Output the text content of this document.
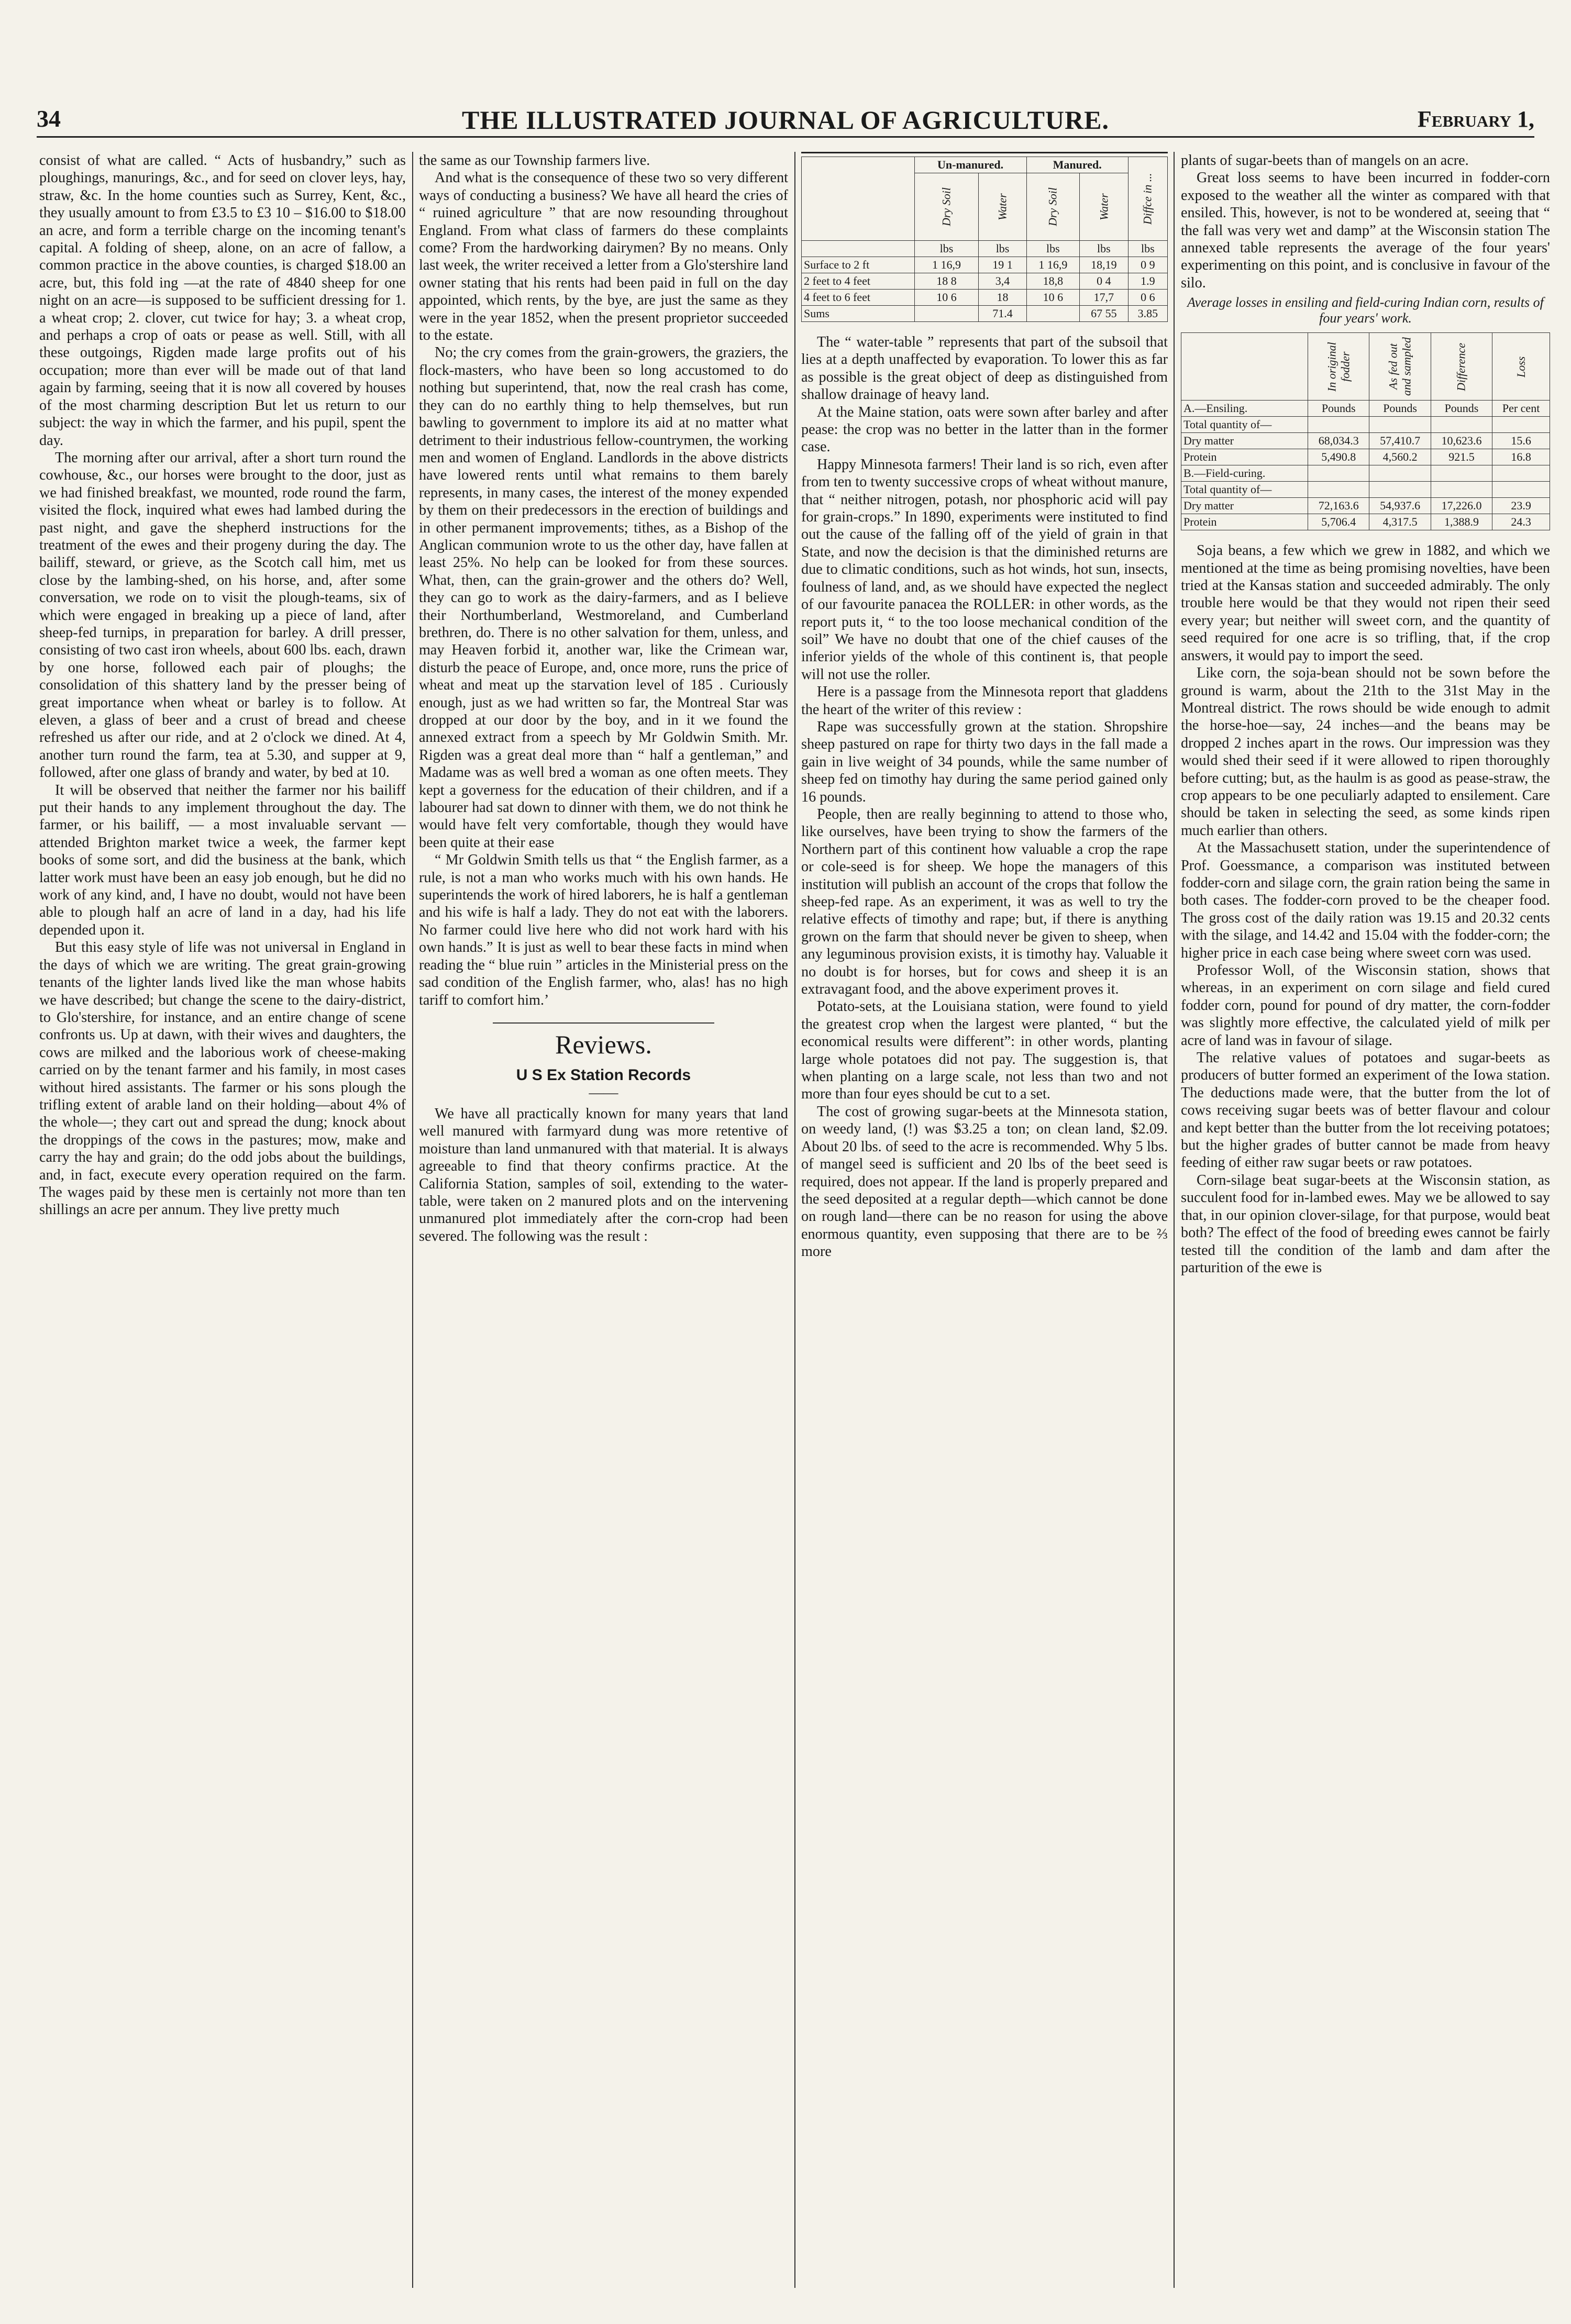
34	THE ILLUSTRATED JOURNAL OF AGRICULTURE.	February 1,

consist of what are called. “ Acts of husbandry,” such as ploughings, manurings, &c., and for seed on clover leys, hay, straw, &c. In the home counties such as Surrey, Kent, &c., they usually amount to from £3.5 to £3 10 – $16.00 to $18.00 an acre, and form a terrible charge on the incoming tenant's capital. A folding of sheep, alone, on an acre of fallow, a common practice in the above counties, is charged $18.00 an acre, but, this fold ing —at the rate of 4840 sheep for one night on an acre—is supposed to be sufficient dressing for 1. a wheat crop; 2. clover, cut twice for hay; 3. a wheat crop, and perhaps a crop of oats or pease as well. Still, with all these outgoings, Rigden made large profits out of his occupation; more than ever will be made out of that land again by farming, seeing that it is now all covered by houses of the most charming description But let us return to our subject: the way in which the farmer, and his pupil, spent the day.

The morning after our arrival, after a short turn round the cowhouse, &c., our horses were brought to the door, just as we had finished breakfast, we mounted, rode round the farm, visited the flock, inquired what ewes had lambed during the past night, and gave the shepherd instructions for the treatment of the ewes and their progeny during the day. The bailiff, steward, or grieve, as the Scotch call him, met us close by the lambing-shed, on his horse, and, after some conversation, we rode on to visit the plough-teams, six of which were engaged in breaking up a piece of land, after sheep-fed turnips, in preparation for barley. A drill presser, consisting of two cast iron wheels, about 600 lbs. each, drawn by one horse, followed each pair of ploughs; the consolidation of this shattery land by the presser being of great importance when wheat or barley is to follow. At eleven, a glass of beer and a crust of bread and cheese refreshed us after our ride, and at 2 o'clock we dined. At 4, another turn round the farm, tea at 5.30, and supper at 9, followed, after one glass of brandy and water, by bed at 10.

It will be observed that neither the farmer nor his bailiff put their hands to any implement throughout the day. The farmer, or his bailiff, — a most invaluable servant — attended Brighton market twice a week, the farmer kept books of some sort, and did the business at the bank, which latter work must have been an easy job enough, but he did no work of any kind, and, I have no doubt, would not have been able to plough half an acre of land in a day, had his life depended upon it.

But this easy style of life was not universal in England in the days of which we are writing. The great grain-growing tenants of the lighter lands lived like the man whose habits we have described; but change the scene to the dairy-district, to Glo'stershire, for instance, and an entire change of scene confronts us. Up at dawn, with their wives and daughters, the cows are milked and the laborious work of cheese-making carried on by the tenant farmer and his family, in most cases without hired assistants. The farmer or his sons plough the trifling extent of arable land on their holding—about 4% of the whole—; they cart out and spread the dung; knock about the droppings of the cows in the pastures; mow, make and carry the hay and grain; do the odd jobs about the buildings, and, in fact, execute every operation required on the farm. The wages paid by these men is certainly not more than ten shillings an acre per annum. They live pretty much

the same as our Township farmers live.

And what is the consequence of these two so very different ways of conducting a business? We have all heard the cries of “ ruined agriculture ” that are now resounding throughout England. From what class of farmers do these complaints come? From the hardworking dairymen? By no means. Only last week, the writer received a letter from a Glo'stershire land owner stating that his rents had been paid in full on the day appointed, which rents, by the bye, are just the same as they were in the year 1852, when the present proprietor succeeded to the estate.

No; the cry comes from the grain-growers, the graziers, the flock-masters, who have been so long accustomed to do nothing but superintend, that, now the real crash has come, they can do no earthly thing to help themselves, but run bawling to government to implore its aid at no matter what detriment to their industrious fellow-countrymen, the working men and women of England. Landlords in the above districts have lowered rents until what remains to them barely represents, in many cases, the interest of the money expended by them on their predecessors in the erection of buildings and in other permanent improvements; tithes, as a Bishop of the Anglican communion wrote to us the other day, have fallen at least 25%. No help can be looked for from these sources. What, then, can the grain-grower and the others do? Well, they can go to work as the dairy-farmers, and as I believe their Northumberland, Westmoreland, and Cumberland brethren, do. There is no other salvation for them, unless, and may Heaven forbid it, another war, like the Crimean war, disturb the peace of Europe, and, once more, runs the price of wheat and meat up the starvation level of 185 . Curiously enough, just as we had written so far, the Montreal Star was dropped at our door by the boy, and in it we found the annexed extract from a speech by Mr Goldwin Smith. Mr. Rigden was a great deal more than “ half a gentleman,” and Madame was as well bred a woman as one often meets. They kept a governess for the education of their children, and if a labourer had sat down to dinner with them, we do not think he would have felt very comfortable, though they would have been quite at their ease

“ Mr Goldwin Smith tells us that “ the English farmer, as a rule, is not a man who works much with his own hands. He superintends the work of hired laborers, he is half a gentleman and his wife is half a lady. They do not eat with the laborers. No farmer could live here who did not work hard with his own hands.” It is just as well to bear these facts in mind when reading the “ blue ruin ” articles in the Ministerial press on the sad condition of the English farmer, who, alas! has no high tariff to comfort him.’

Reviews.
U S Ex Station Records
——

We have all practically known for many years that land well manured with farmyard dung was more retentive of moisture than land unmanured with that material. It is always agreeable to find that theory confirms practice. At the California Station, samples of soil, extending to the water-table, were taken on 2 manured plots and on the intervening unmanured plot immediately after the corn-crop had been severed. The following was the result :

	Un-manured.		Manured.		Diffce in ...
	Dry Soil	Water	Dry Soil	Water	
	lbs	lbs	lbs	lbs	lbs
Surface to 2 ft	1 16,9	19 1	1 16,9	18,19	0 9
2 feet to 4 feet	18 8	3,4	18,8	0 4	1.9
4 feet to 6 feet	10 6	18	10 6	17,7	0 6
Sums		71.4		67 55	3.85

The “ water-table ” represents that part of the subsoil that lies at a depth unaffected by evaporation. To lower this as far as possible is the great object of deep as distinguished from shallow drainage of heavy land.

At the Maine station, oats were sown after barley and after pease: the crop was no better in the latter than in the former case.

Happy Minnesota farmers! Their land is so rich, even after from ten to twenty successive crops of wheat without manure, that “ neither nitrogen, potash, nor phosphoric acid will pay for grain-crops.” In 1890, experiments were instituted to find out the cause of the falling off of the yield of grain in that State, and now the decision is that the diminished returns are due to climatic conditions, such as hot winds, hot sun, insects, foulness of land, and, as we should have expected the neglect of our favourite panacea the ROLLER: in other words, as the report puts it, “ to the too loose mechanical condition of the soil” We have no doubt that one of the chief causes of the inferior yields of the whole of this continent is, that people will not use the roller.

Here is a passage from the Minnesota report that gladdens the heart of the writer of this review :

Rape was successfully grown at the station. Shropshire sheep pastured on rape for thirty two days in the fall made a gain in live weight of 34 pounds, while the same number of sheep fed on timothy hay during the same period gained only 16 pounds.

People, then are really beginning to attend to those who, like ourselves, have been trying to show the farmers of the Northern part of this continent how valuable a crop the rape or cole-seed is for sheep. We hope the managers of this institution will publish an account of the crops that follow the sheep-fed rape. As an experiment, it was as well to try the relative effects of timothy and rape; but, if there is anything grown on the farm that should never be given to sheep, when any leguminous provision exists, it is timothy hay. Valuable it no doubt is for horses, but for cows and sheep it is an extravagant food, and the above experiment proves it.

Potato-sets, at the Louisiana station, were found to yield the greatest crop when the largest were planted, “ but the economical results were different”: in other words, planting large whole potatoes did not pay. The suggestion is, that when planting on a large scale, not less than two and not more than four eyes should be cut to a set.

The cost of growing sugar-beets at the Minnesota station, on weedy land, (!) was $3.25 a ton; on clean land, $2.09. About 20 lbs. of seed to the acre is recommended. Why 5 lbs. of mangel seed is sufficient and 20 lbs of the beet seed is required, does not appear. If the land is properly prepared and the seed deposited at a regular depth—which cannot be done on rough land—there can be no reason for using the above enormous quantity, even supposing that there are to be ⅔ more

plants of sugar-beets than of mangels on an acre.

Great loss seems to have been incurred in fodder-corn exposed to the weather all the winter as compared with that ensiled. This, however, is not to be wondered at, seeing that “ the fall was very wet and damp” at the Wisconsin station The annexed table represents the average of the four years' experimenting on this point, and is conclusive in favour of the silo.

Average losses in ensiling and field-curing Indian corn, results of four years' work.
	In original fodder	As fed out and sampled	Difference	Loss
A.—Ensiling.	Pounds	Pounds	Pounds	Per cent
Total quantity of—				
Dry matter	68,034.3	57,410.7	10,623.6	15.6
Protein	5,490.8	4,560.2	921.5	16.8
B.—Field-curing.				
Total quantity of—				
Dry matter	72,163.6	54,937.6	17,226.0	23.9
Protein	5,706.4	4,317.5	1,388.9	24.3

Soja beans, a few which we grew in 1882, and which we mentioned at the time as being promising novelties, have been tried at the Kansas station and succeeded admirably. The only trouble here would be that they would not ripen their seed every year; but neither will sweet corn, and the quantity of seed required for one acre is so trifling, that, if the crop answers, it would pay to import the seed.

Like corn, the soja-bean should not be sown before the ground is warm, about the 21th to the 31st May in the Montreal district. The rows should be wide enough to admit the horse-hoe—say, 24 inches—and the beans may be dropped 2 inches apart in the rows. Our impression was they would shed their seed if it were allowed to ripen thoroughly before cutting; but, as the haulm is as good as pease-straw, the crop appears to be one peculiarly adapted to ensilement. Care should be taken in selecting the seed, as some kinds ripen much earlier than others.

At the Massachusett station, under the superintendence of Prof. Goessmance, a comparison was instituted between fodder-corn and silage corn, the grain ration being the same in both cases. The fodder-corn proved to be the cheaper food. The gross cost of the daily ration was 19.15 and 20.32 cents with the silage, and 14.42 and 15.04 with the fodder-corn; the higher price in each case being where sweet corn was used.

Professor Woll, of the Wisconsin station, shows that whereas, in an experiment on corn silage and field cured fodder corn, pound for pound of dry matter, the corn-fodder was slightly more effective, the calculated yield of milk per acre of land was in favour of silage.

The relative values of potatoes and sugar-beets as producers of butter formed an experiment of the Iowa station. The deductions made were, that the butter from the lot of cows receiving sugar beets was of better flavour and colour and kept better than the butter from the lot receiving potatoes; but the higher grades of butter cannot be made from heavy feeding of either raw sugar beets or raw potatoes.

Corn-silage beat sugar-beets at the Wisconsin station, as succulent food for in-lambed ewes. May we be allowed to say that, in our opinion clover-silage, for that purpose, would beat both? The effect of the food of breeding ewes cannot be fairly tested till the condition of the lamb and dam after the parturition of the ewe is
